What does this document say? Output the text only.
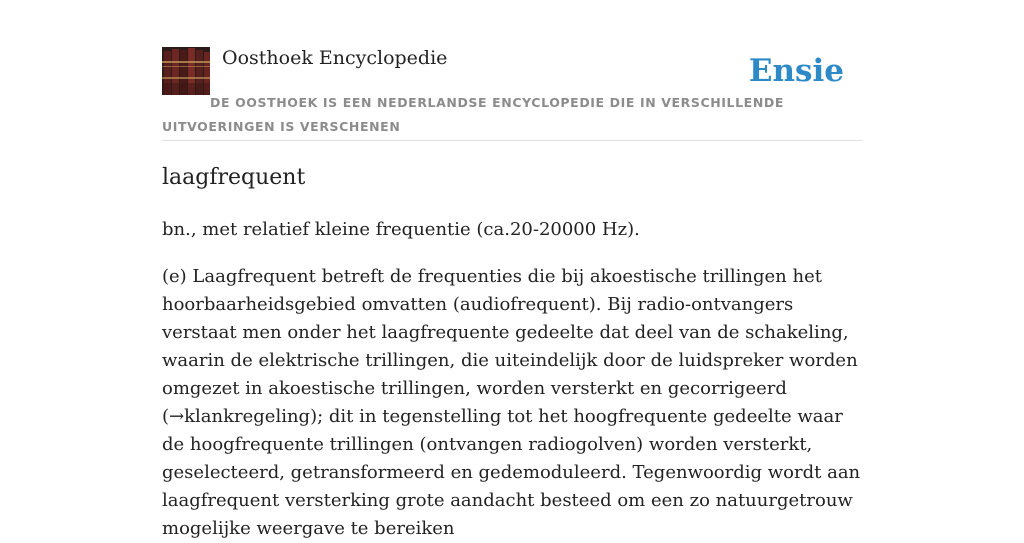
Oosthoek Encyclopedie	Ensie
DE OOSTHOEK IS EEN NEDERLANDSE ENCYCLOPEDIE DIE IN VERSCHILLENDE UITVOERINGEN IS VERSCHENEN
laagfrequent

bn., met relatief kleine frequentie (ca.20-20000 Hz).

(e) Laagfrequent betreft de frequenties die bij akoestische trillingen het hoorbaarheidsgebied omvatten (audiofrequent). Bij radio-ontvangers verstaat men onder het laagfrequente gedeelte dat deel van de schakeling, waarin de elektrische trillingen, die uiteindelijk door de luidspreker worden omgezet in akoestische trillingen, worden versterkt en gecorrigeerd (→klankregeling); dit in tegenstelling tot het hoogfrequente gedeelte waar de hoogfrequente trillingen (ontvangen radiogolven) worden versterkt, geselecteerd, getransformeerd en gedemoduleerd. Tegenwoordig wordt aan laagfrequent versterking grote aandacht besteed om een zo natuurgetrouw mogelijke weergave te bereiken
